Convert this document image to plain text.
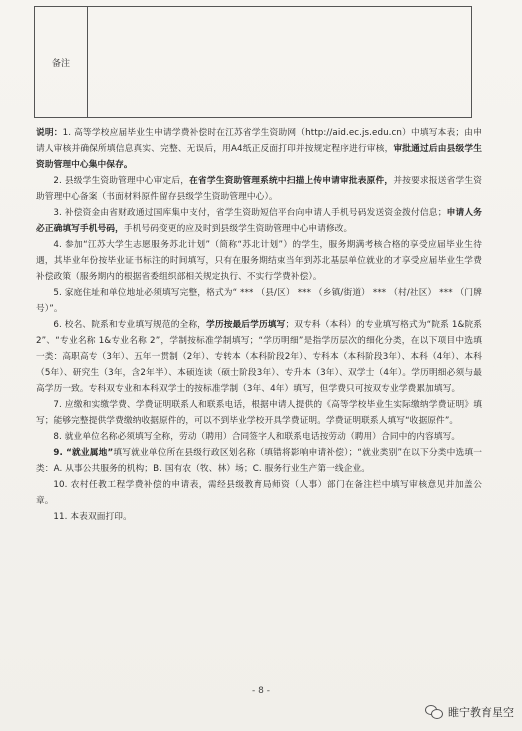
备注

说明：1. 高等学校应届毕业生申请学费补偿时在江苏省学生资助网（http://aid.ec.js.edu.cn）中填写本表；由申请人审核并确保所填信息真实、完整、无误后，用A4纸正反面打印并按规定程序进行审核，审批通过后由县级学生资助管理中心集中保存。

2. 县级学生资助管理中心审定后，在省学生资助管理系统中扫描上传申请审批表原件，并按要求报送省学生资助管理中心备案（书面材料原件留存县级学生资助管理中心）。

3. 补偿资金由省财政通过国库集中支付，省学生资助短信平台向申请人手机号码发送资金拨付信息；申请人务必正确填写手机号码，手机号码变更的应及时到县级学生资助管理中心申请修改。

4. 参加“江苏大学生志愿服务苏北计划”（简称“苏北计划”）的学生，服务期满考核合格的享受应届毕业生待遇，其毕业年份按毕业证书标注的时间填写，只有在服务期结束当年到苏北基层单位就业的才享受应届毕业生学费补偿政策（服务期内的根据省委组织部相关规定执行、不实行学费补偿）。

5. 家庭住址和单位地址必须填写完整，格式为“ *** （县/区） *** （乡镇/街道） *** （村/社区） *** （门牌号）”。

6. 校名、院系和专业填写规范的全称，学历按最后学历填写；双专科（本科）的专业填写格式为“院系 1&院系 2”、“专业名称 1&专业名称 2”，学制按标准学制填写；“学历明细”是指学历层次的细化分类，在以下项目中选填一类：高职高专（3年）、五年一贯制（2年）、专转本（本科阶段2年）、专科本（本科阶段3年）、本科（4年）、本科（5年）、研究生（3年，含2年半）、本硕连读（硕士阶段3年）、专升本（3年）、双学士（4年）。学历明细必须与最高学历一致。专科双专业和本科双学士的按标准学制（3年、4年）填写，但学费只可按双专业学费累加填写。

7. 应缴和实缴学费、学费证明联系人和联系电话，根据申请人提供的《高等学校毕业生实际缴纳学费证明》填写；能够完整提供学费缴纳收据原件的，可以不到毕业学校开具学费证明。学费证明联系人填写“收据原件”。

8. 就业单位名称必须填写全称，劳动（聘用）合同签字人和联系电话按劳动（聘用）合同中的内容填写。

9. “就业属地”填写就业单位所在县级行政区划名称（填错将影响申请补偿）；“就业类别”在以下分类中选填一类：A. 从事公共服务的机构；B. 国有农（牧、林）场；C. 服务行业生产第一线企业。

10. 农村任教工程学费补偿的申请表，需经县级教育局师资（人事）部门在备注栏中填写审核意见并加盖公章。

11. 本表双面打印。

- 8 -
睢宁教育星空
